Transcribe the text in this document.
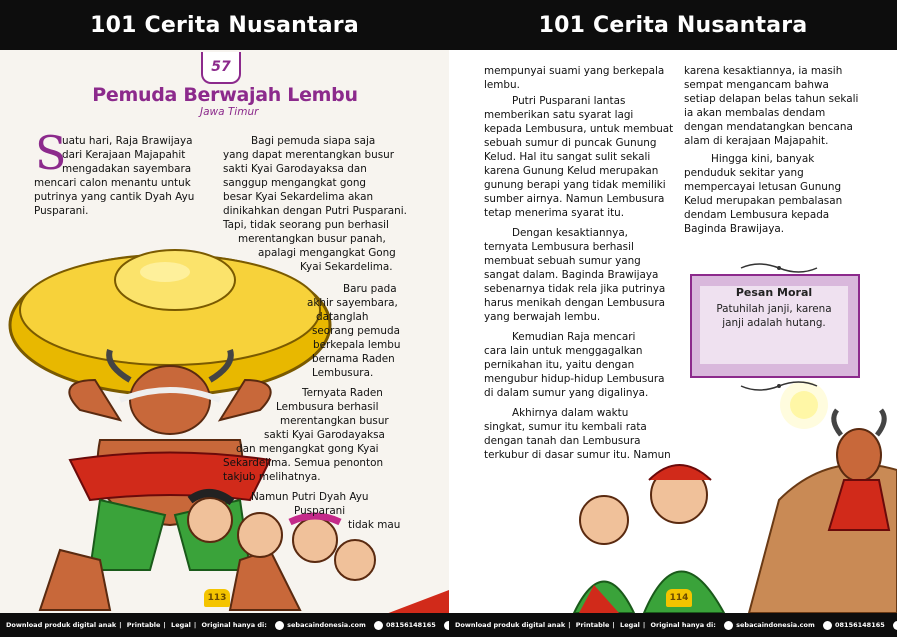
101 Cerita Nusantara
57
Pemuda Berwajah Lembu
Jawa Timur
S
uatu hari, Raja Brawijaya
dari Kerajaan Majapahit
mengadakan sayembara
mencari calon menantu untuk
putrinya yang cantik Dyah Ayu
Pusparani.
Bagi pemuda siapa saja
yang dapat merentangkan busur
sakti Kyai Garodayaksa dan
sanggup mengangkat gong
besar Kyai Sekardelima akan
dinikahkan dengan Putri Pusparani.
Tapi, tidak seorang pun berhasil
merentangkan busur panah,
apalagi mengangkat Gong
Kyai Sekardelima.
Baru pada
akhir sayembara,
datanglah
seorang pemuda
berkepala lembu
bernama Raden
Lembusura.
Ternyata Raden
Lembusura berhasil
merentangkan busur
sakti Kyai Garodayaksa
dan mengangkat gong Kyai
Sekardelima. Semua penonton
takjub melihatnya.
Namun Putri Dyah Ayu
Pusparani
tidak mau
113
Download produk digital anak | Printable | Legal | Original hanya di:	sebacaindonesia.com	08156148165
101 Cerita Nusantara
mempunyai suami yang berkepala
lembu.
Putri Pusparani lantas
memberikan satu syarat lagi
kepada Lembusura, untuk membuat
sebuah sumur di puncak Gunung
Kelud. Hal itu sangat sulit sekali
karena Gunung Kelud merupakan
gunung berapi yang tidak memiliki
sumber airnya. Namun Lembusura
tetap menerima syarat itu.
Dengan kesaktiannya,
ternyata Lembusura berhasil
membuat sebuah sumur yang
sangat dalam. Baginda Brawijaya
sebenarnya tidak rela jika putrinya
harus menikah dengan Lembusura
yang berwajah lembu.
Kemudian Raja mencari
cara lain untuk menggagalkan
pernikahan itu, yaitu dengan
mengubur hidup-hidup Lembusura
di dalam sumur yang digalinya.
Akhirnya dalam waktu
singkat, sumur itu kembali rata
dengan tanah dan Lembusura
terkubur di dasar sumur itu. Namun
karena kesaktiannya, ia masih
sempat mengancam bahwa
setiap delapan belas tahun sekali
ia akan membalas dendam
dengan mendatangkan bencana
alam di kerajaan Majapahit.
Hingga kini, banyak
penduduk sekitar yang
mempercayai letusan Gunung
Kelud merupakan pembalasan
dendam Lembusura kepada
Baginda Brawijaya.
Pesan Moral
Patuhilah janji, karena
janji adalah hutang.
114
Download produk digital anak | Printable | Legal | Original hanya di:	sebacaindonesia.com	08156148165
